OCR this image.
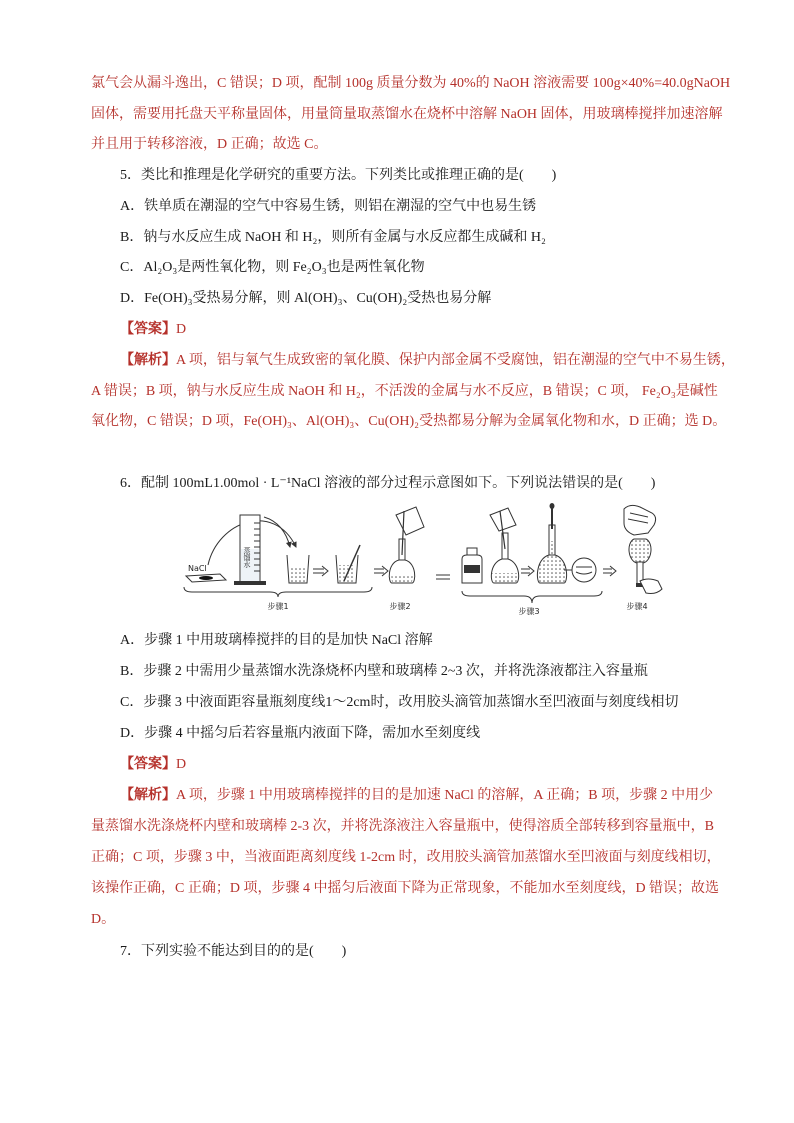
氯气会从漏斗逸出，C 错误；D 项，配制 100g 质量分数为 40%的 NaOH 溶液需要 100g×40%=40.0gNaOH
固体，需要用托盘天平称量固体，用量筒量取蒸馏水在烧杯中溶解 NaOH 固体，用玻璃棒搅拌加速溶解
并且用于转移溶液，D 正确；故选 C。
5．类比和推理是化学研究的重要方法。下列类比或推理正确的是(　　)
A．铁单质在潮湿的空气中容易生锈，则铝在潮湿的空气中也易生锈
B．钠与水反应生成 NaOH 和 H₂，则所有金属与水反应都生成碱和 H₂
C．Al₂O₃是两性氧化物，则 Fe₂O₃也是两性氧化物
D．Fe(OH)₃受热易分解，则 Al(OH)₃、Cu(OH)₂受热也易分解
【答案】D
【解析】A 项，铝与氧气生成致密的氧化膜、保护内部金属不受腐蚀，铝在潮湿的空气中不易生锈，
A 错误；B 项，钠与水反应生成 NaOH 和 H₂，不活泼的金属与水不反应，B 错误；C 项， Fe₂O₃是碱性
氧化物，C 错误；D 项，Fe(OH)₃、Al(OH)₃、Cu(OH)₂受热都易分解为金属氧化物和水，D 正确；选 D。
6．配制 100mL1.00mol · L⁻¹NaCl 溶液的部分过程示意图如下。下列说法错误的是(　　)
NaCl
蒸馏水
步骤1	步骤2
步骤3
步骤4
A．步骤 1 中用玻璃棒搅拌的目的是加快 NaCl 溶解
B．步骤 2 中需用少量蒸馏水洗涤烧杯内壁和玻璃棒 2~3 次，并将洗涤液都注入容量瓶
C．步骤 3 中液面距容量瓶刻度线1～2cm时，改用胶头滴管加蒸馏水至凹液面与刻度线相切
D．步骤 4 中摇匀后若容量瓶内液面下降，需加水至刻度线
【答案】D
【解析】A 项，步骤 1 中用玻璃棒搅拌的目的是加速 NaCl 的溶解，A 正确；B 项，步骤 2 中用少
量蒸馏水洗涤烧杯内壁和玻璃棒 2-3 次，并将洗涤液注入容量瓶中，使得溶质全部转移到容量瓶中，B
正确；C 项，步骤 3 中，当液面距离刻度线 1-2cm 时，改用胶头滴管加蒸馏水至凹液面与刻度线相切，
该操作正确，C 正确；D 项，步骤 4 中摇匀后液面下降为正常现象，不能加水至刻度线，D 错误；故选
D。
7．下列实验不能达到目的的是(　　)
